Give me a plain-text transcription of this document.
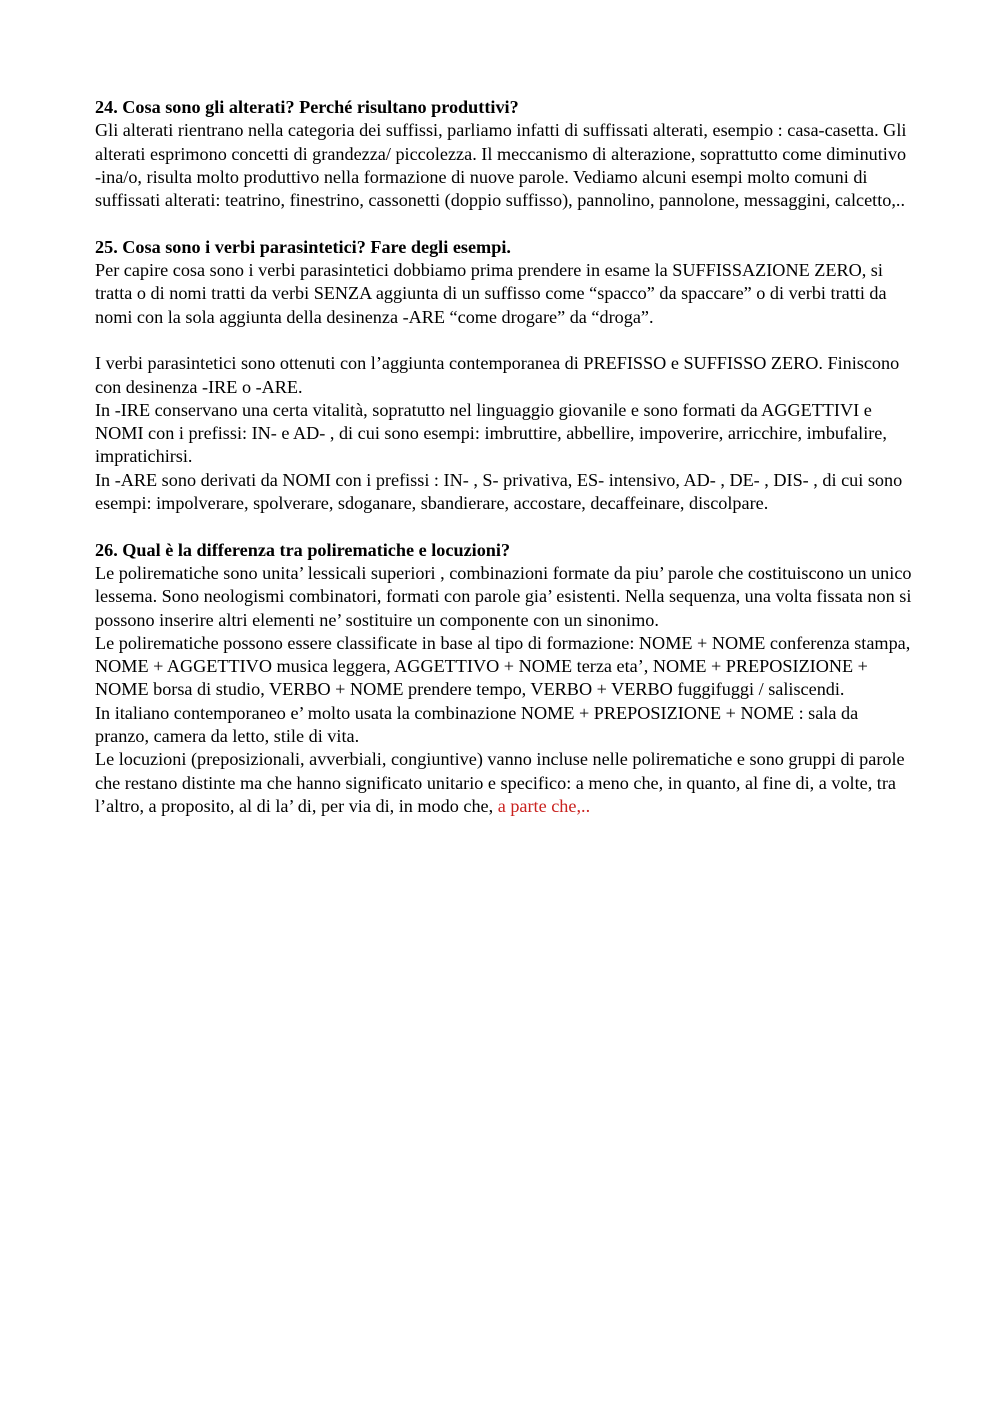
24. Cosa sono gli alterati? Perché risultano produttivi?

Gli alterati rientrano nella categoria dei suffissi, parliamo infatti di suffissati alterati, esempio : casa-casetta. Gli alterati esprimono concetti di grandezza/ piccolezza. Il meccanismo di alterazione, soprattutto come diminutivo -ina/o, risulta molto produttivo nella formazione di nuove parole. Vediamo alcuni esempi molto comuni di suffissati alterati: teatrino, finestrino, cassonetti (doppio suffisso), pannolino, pannolone, messaggini, calcetto,..

25. Cosa sono i verbi parasintetici? Fare degli esempi.

Per capire cosa sono i verbi parasintetici dobbiamo prima prendere in esame la SUFFISSAZIONE ZERO, si tratta o di nomi tratti da verbi SENZA aggiunta di un suffisso come “spacco” da spaccare” o di verbi tratti da nomi con la sola aggiunta della desinenza -ARE “come drogare” da “droga”.

I verbi parasintetici sono ottenuti con l’aggiunta contemporanea di PREFISSO e SUFFISSO ZERO. Finiscono con desinenza -IRE o -ARE.

In -IRE conservano una certa vitalità, sopratutto nel linguaggio giovanile e sono formati da AGGETTIVI e NOMI con i prefissi: IN- e AD- , di cui sono esempi: imbruttire, abbellire, impoverire, arricchire, imbufalire, impratichirsi.

In -ARE sono derivati da NOMI con i prefissi : IN- , S- privativa, ES- intensivo, AD- , DE- , DIS- , di cui sono esempi: impolverare, spolverare, sdoganare, sbandierare, accostare, decaffeinare, discolpare.

26. Qual è la differenza tra polirematiche e locuzioni?

Le polirematiche sono unita’ lessicali superiori , combinazioni formate da piu’ parole che costituiscono un unico lessema. Sono neologismi combinatori, formati con parole gia’ esistenti. Nella sequenza, una volta fissata non si possono inserire altri elementi ne’ sostituire un componente con un sinonimo.

Le polirematiche possono essere classificate in base al tipo di formazione: NOME + NOME conferenza stampa, NOME + AGGETTIVO musica leggera, AGGETTIVO + NOME terza eta’, NOME + PREPOSIZIONE + NOME borsa di studio, VERBO + NOME prendere tempo, VERBO + VERBO fuggifuggi / saliscendi.

In italiano contemporaneo e’ molto usata la combinazione NOME + PREPOSIZIONE + NOME : sala da pranzo, camera da letto, stile di vita.

Le locuzioni (preposizionali, avverbiali, congiuntive) vanno incluse nelle polirematiche e sono gruppi di parole che restano distinte ma che hanno significato unitario e specifico: a meno che, in quanto, al fine di, a volte, tra l’altro, a proposito, al di la’ di, per via di, in modo che, a parte che,..
